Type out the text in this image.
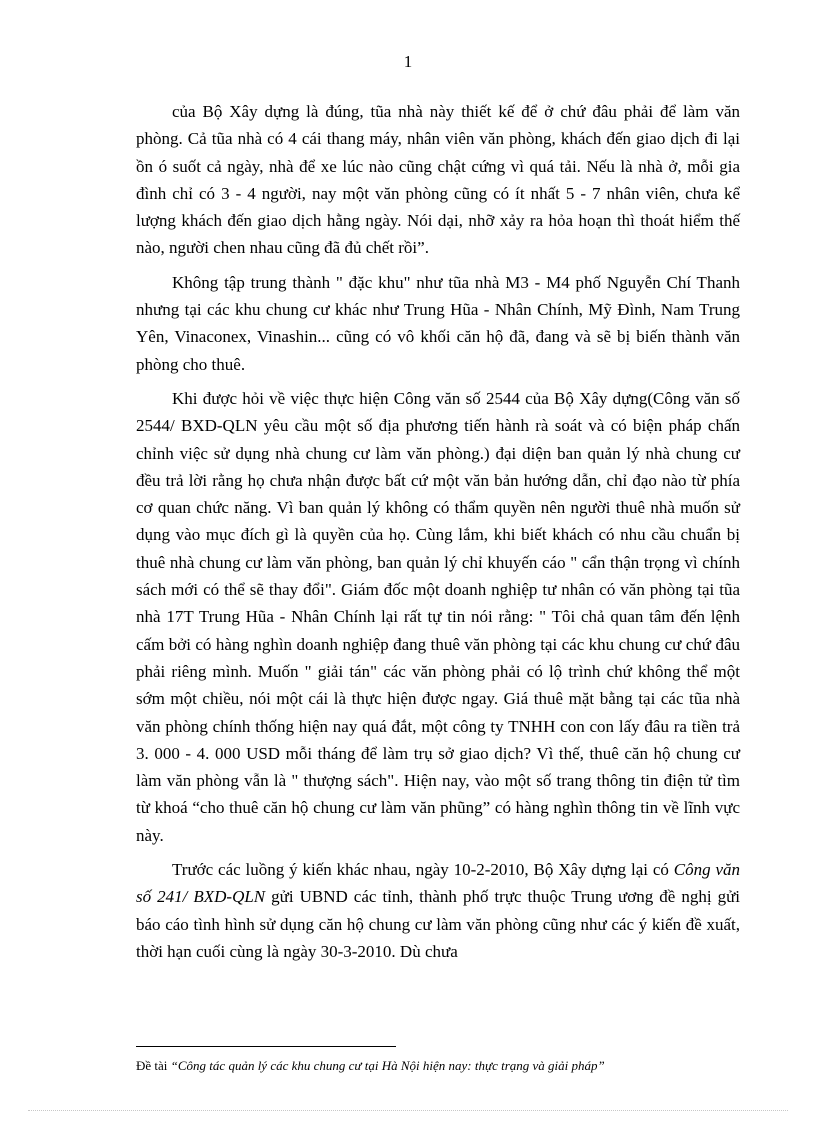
1

của Bộ Xây dựng là đúng, tũa nhà này thiết kế để ở chứ đâu phải để làm văn phòng. Cả tũa nhà có 4 cái thang máy, nhân viên văn phòng, khách đến giao dịch đi lại ồn ó suốt cả ngày, nhà để xe lúc nào cũng chật cứng vì quá tải. Nếu là nhà ở, mỗi gia đình chỉ có 3 - 4 người, nay một văn phòng cũng có ít nhất 5 - 7 nhân viên, chưa kể lượng khách đến giao dịch hằng ngày. Nói dại, nhỡ xảy ra hỏa hoạn thì thoát hiểm thế nào, người chen nhau cũng đã đủ chết rồi”.

Không tập trung thành " đặc khu" như tũa nhà M3 - M4 phố Nguyễn Chí Thanh nhưng tại các khu chung cư khác như Trung Hũa - Nhân Chính, Mỹ Đình, Nam Trung Yên, Vinaconex, Vinashin... cũng có vô khối căn hộ đã, đang và sẽ bị biến thành văn phòng cho thuê.

Khi được hỏi về việc thực hiện Công văn số 2544 của Bộ Xây dựng(Công văn số 2544/ BXD-QLN yêu cầu một số địa phương tiến hành rà soát và có biện pháp chấn chỉnh việc sử dụng nhà chung cư làm văn phòng.) đại diện ban quản lý nhà chung cư đều trả lời rằng họ chưa nhận được bất cứ một văn bản hướng dẫn, chỉ đạo nào từ phía cơ quan chức năng. Vì ban quản lý không có thẩm quyền nên người thuê nhà muốn sử dụng vào mục đích gì là quyền của họ. Cùng lắm, khi biết khách có nhu cầu chuẩn bị thuê nhà chung cư làm văn phòng, ban quản lý chỉ khuyến cáo " cẩn thận trọng vì chính sách mới có thể sẽ thay đổi". Giám đốc một doanh nghiệp tư nhân có văn phòng tại tũa nhà 17T Trung Hũa - Nhân Chính lại rất tự tin nói rằng: " Tôi chả quan tâm đến lệnh cấm bởi có hàng nghìn doanh nghiệp đang thuê văn phòng tại các khu chung cư chứ đâu phải riêng mình. Muốn " giải tán" các văn phòng phải có lộ trình chứ không thể một sớm một chiều, nói một cái là thực hiện được ngay. Giá thuê mặt bằng tại các tũa nhà văn phòng chính thống hiện nay quá đắt, một công ty TNHH con con lấy đâu ra tiền trả 3. 000 - 4. 000 USD mỗi tháng để làm trụ sở giao dịch? Vì thế, thuê căn hộ chung cư làm văn phòng vẫn là " thượng sách". Hiện nay, vào một số trang thông tin điện tử tìm từ khoá “cho thuê căn hộ chung cư làm văn phũng” có hàng nghìn thông tin về lĩnh vực này.

Trước các luồng ý kiến khác nhau, ngày 10-2-2010, Bộ Xây dựng lại có Công văn số 241/ BXD-QLN gửi UBND các tỉnh, thành phố trực thuộc Trung ương đề nghị gửi báo cáo tình hình sử dụng căn hộ chung cư làm văn phòng cũng như các ý kiến đề xuất, thời hạn cuối cùng là ngày 30-3-2010. Dù chưa

Đề tài “Công tác quản lý các khu chung cư tại Hà Nội hiện nay: thực trạng và giải pháp”
